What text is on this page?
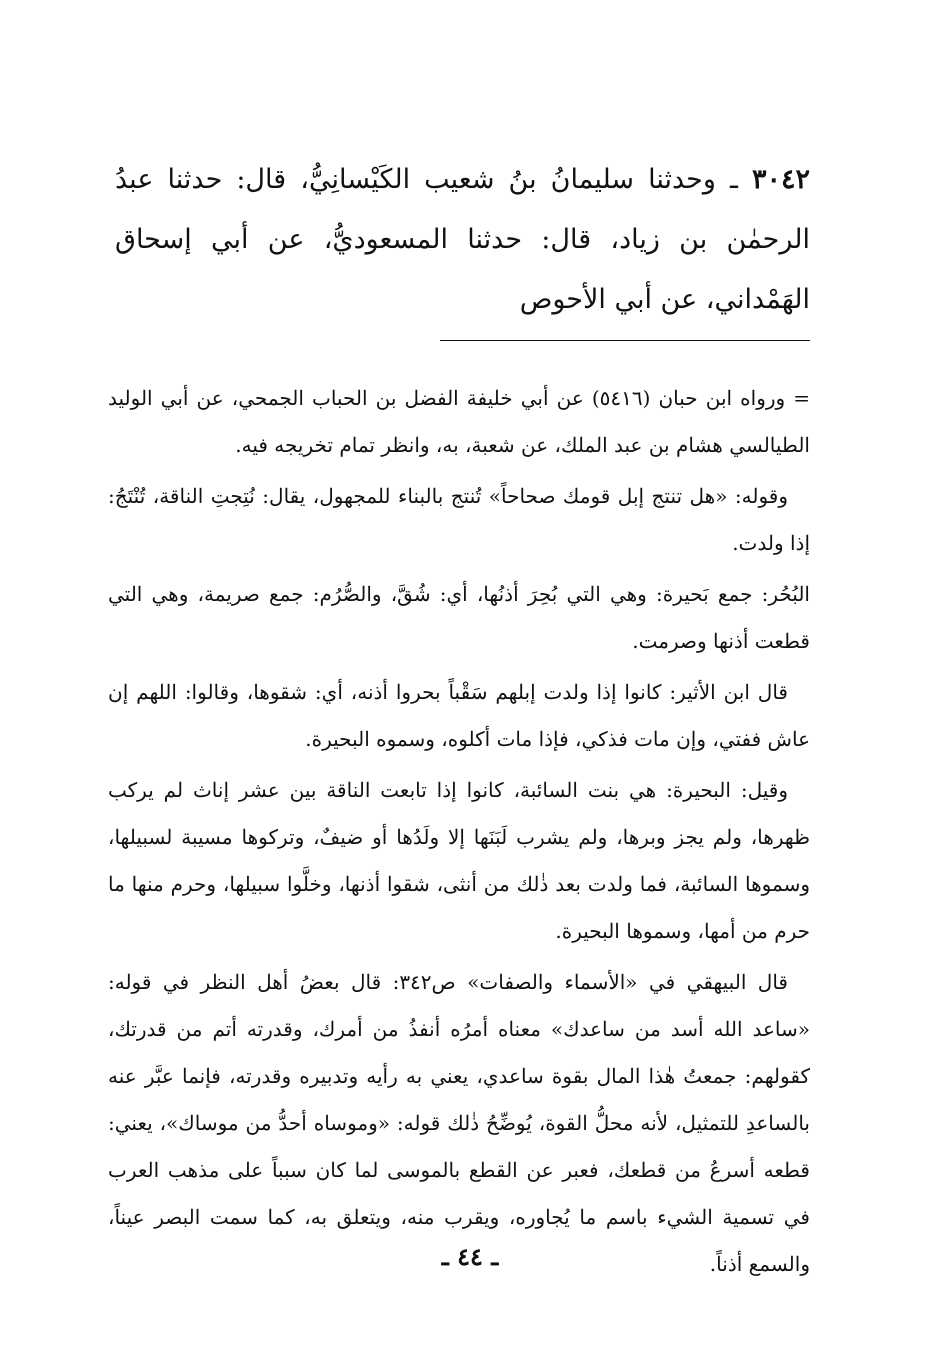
٣٠٤٢ ـ وحدثنا سليمانُ بنُ شعيب الكَيْسانِيُّ، قال: حدثنا عبدُ الرحمٰن بن زياد، قال: حدثنا المسعوديُّ، عن أبي إسحاق الهَمْداني، عن أبي الأحوص

= ورواه ابن حبان (٥٤١٦) عن أبي خليفة الفضل بن الحباب الجمحي، عن أبي الوليد الطيالسي هشام بن عبد الملك، عن شعبة، به، وانظر تمام تخريجه فيه.

وقوله: «هل تنتج إبل قومك صحاحاً» تُنتج بالبناء للمجهول، يقال: نُتِجتِ الناقة، تُنْتَجُ: إذا ولدت.

البُحُر: جمع بَحيرة: وهي التي بُحِرَ أذنُها، أي: شُقَّ، والصُّرُم: جمع صريمة، وهي التي قطعت أذنها وصرمت.

قال ابن الأثير: كانوا إذا ولدت إبلهم سَقْباً بحروا أذنه، أي: شقوها، وقالوا: اللهم إن عاش ففتي، وإن مات فذكي، فإذا مات أكلوه، وسموه البحيرة.

وقيل: البحيرة: هي بنت السائبة، كانوا إذا تابعت الناقة بين عشر إناث لم يركب ظهرها، ولم يجز وبرها، ولم يشرب لَبَنَها إلا ولَدُها أو ضيفٌ، وتركوها مسيبة لسبيلها، وسموها السائبة، فما ولدت بعد ذٰلك من أنثى، شقوا أذنها، وخلَّوا سبيلها، وحرم منها ما حرم من أمها، وسموها البحيرة.

قال البيهقي في «الأسماء والصفات» ص٣٤٢: قال بعضُ أهل النظر في قوله: «ساعد الله أسد من ساعدك» معناه أمرُه أنفذُ من أمرك، وقدرته أتم من قدرتك، كقولهم: جمعتُ هٰذا المال بقوة ساعدي، يعني به رأيه وتدبيره وقدرته، فإنما عبَّر عنه بالساعدِ للتمثيل، لأنه محلُّ القوة، يُوضِّحُ ذٰلك قوله: «وموساه أحدُّ من موساك»، يعني: قطعه أسرعُ من قطعك، فعبر عن القطع بالموسى لما كان سبباً على مذهب العرب في تسمية الشيء باسم ما يُجاوره، ويقرب منه، ويتعلق به، كما سمت البصر عيناً، والسمع أذناً.

ـ ٤٤ ـ
